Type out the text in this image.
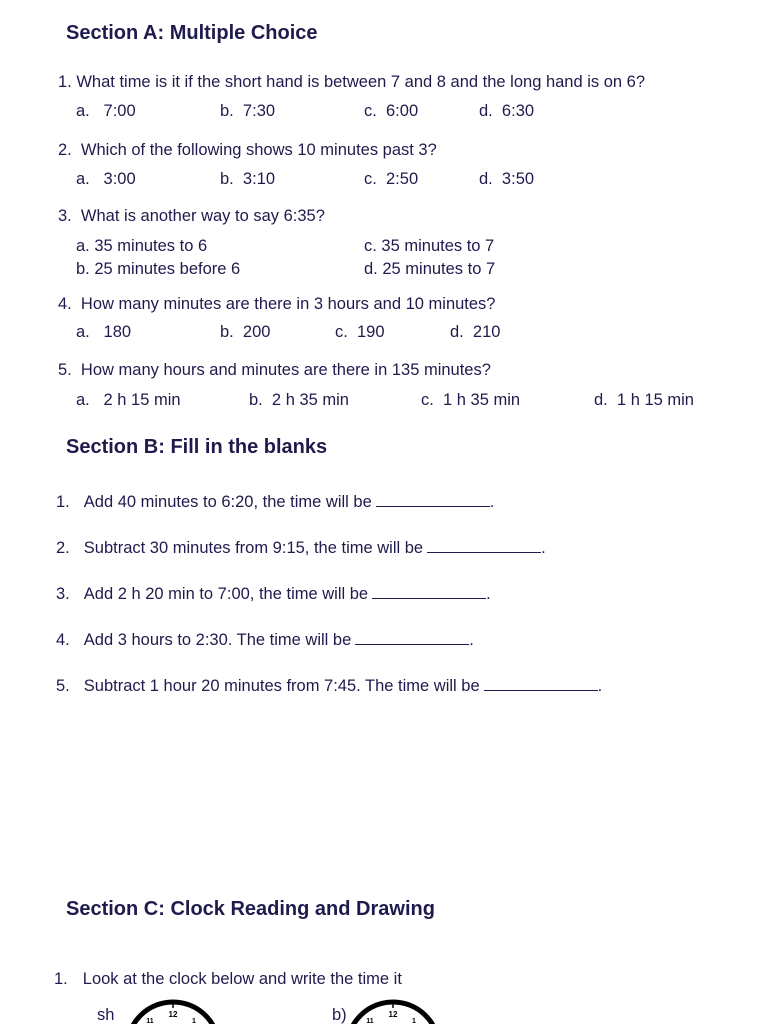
Section A: Multiple Choice
1. What time is it if the short hand is between 7 and 8 and the long hand is on 6?
a.   7:00	b.  7:30	c.  6:00	d.  6:30
2.  Which of the following shows 10 minutes past 3?
a.   3:00	b.  3:10	c.  2:50	d.  3:50
3.  What is another way to say 6:35?
a. 35 minutes to 6	c. 35 minutes to 7
b. 25 minutes before 6	d. 25 minutes to 7
4.  How many minutes are there in 3 hours and 10 minutes?
a.   180	b.  200	c.  190	d.  210
5.  How many hours and minutes are there in 135 minutes?
a.   2 h 15 min	b.  2 h 35 min	c.  1 h 35 min	d.  1 h 15 min
Section B: Fill in the blanks
1. Add 40 minutes to 6:20, the time will be	.
2. Subtract 30 minutes from 9:15, the time will be	.
3. Add 2 h 20 min to 7:00, the time will be	.
4. Add 3 hours to 2:30. The time will be	.
5. Subtract 1 hour 20 minutes from 7:45. The time will be	.
Section C: Clock Reading and Drawing
1. Look at the clock below and write the time it
sh	12
1
11	b)	12
1
11
